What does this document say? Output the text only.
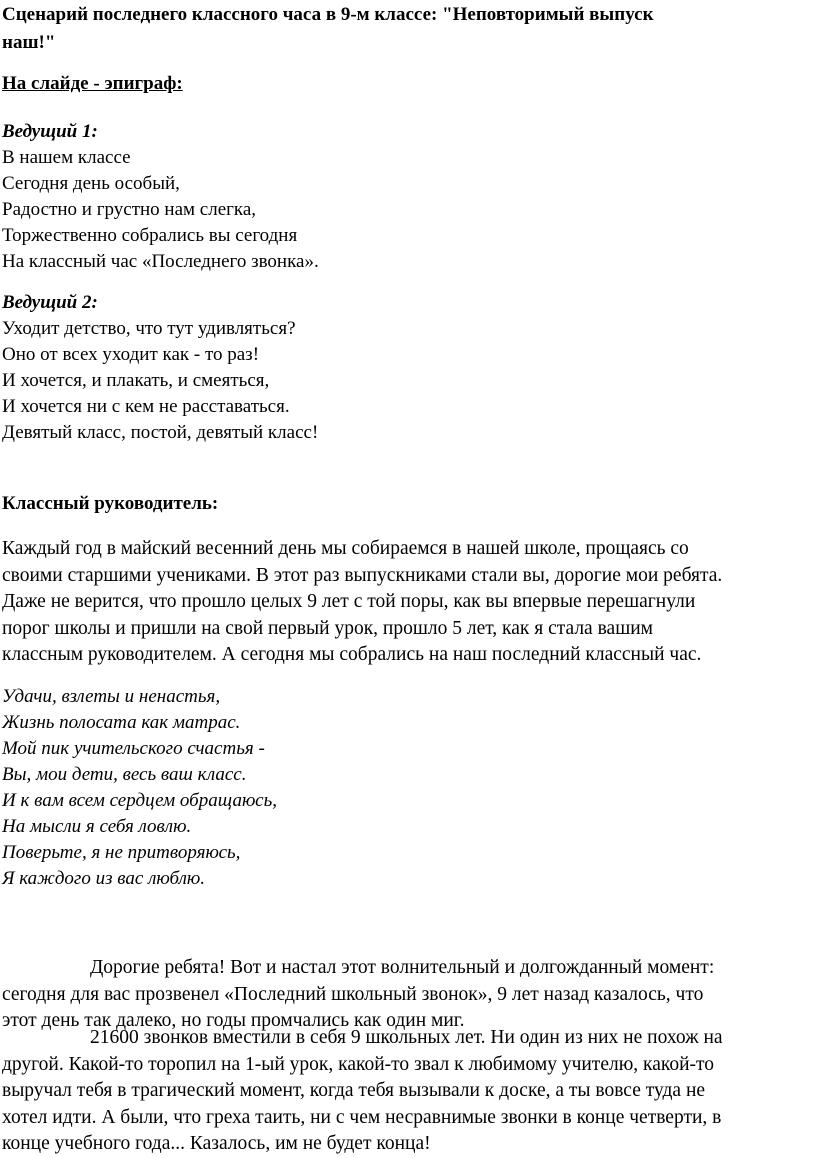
Сценарий последнего классного часа в 9-м классе: "Неповторимый выпуск
наш!"
На слайде - эпиграф:
Ведущий 1:
В нашем классе
Сегодня день особый,
Радостно и грустно нам слегка,
Торжественно собрались вы сегодня
На классный час «Последнего звонка».
Ведущий 2:
Уходит детство, что тут удивляться?
Оно от всех уходит как - то раз!
И хочется, и плакать, и смеяться,
И хочется ни с кем не расставаться.
Девятый класс, постой, девятый класс!
Классный руководитель:
Каждый год в майский весенний день мы собираемся в нашей школе, прощаясь со
своими старшими учениками. В этот раз выпускниками стали вы, дорогие мои ребята.
Даже не верится, что прошло целых 9 лет с той поры, как вы впервые перешагнули
порог школы и пришли на свой первый урок, прошло 5 лет, как я стала вашим
классным руководителем. А сегодня мы собрались на наш последний классный час.
Удачи, взлеты и ненастья,
Жизнь полосата как матрас.
Мой пик учительского счастья -
Вы, мои дети, весь ваш класс.
И к вам всем сердцем обращаюсь,
На мысли я себя ловлю.
Поверьте, я не притворяюсь,
Я каждого из вас люблю.
Дорогие ребята! Вот и настал этот волнительный и долгожданный момент:
сегодня для вас прозвенел «Последний школьный звонок», 9 лет назад казалось, что
этот день так далеко, но годы промчались как один миг.
21600 звонков вместили в себя 9 школьных лет. Ни один из них не похож на
другой. Какой-то торопил на 1-ый урок, какой-то звал к любимому учителю, какой-то
выручал тебя в трагический момент, когда тебя вызывали к доске, а ты вовсе туда не
хотел идти. А были, что греха таить, ни с чем несравнимые звонки в конце четверти, в
конце учебного года... Казалось, им не будет конца!
